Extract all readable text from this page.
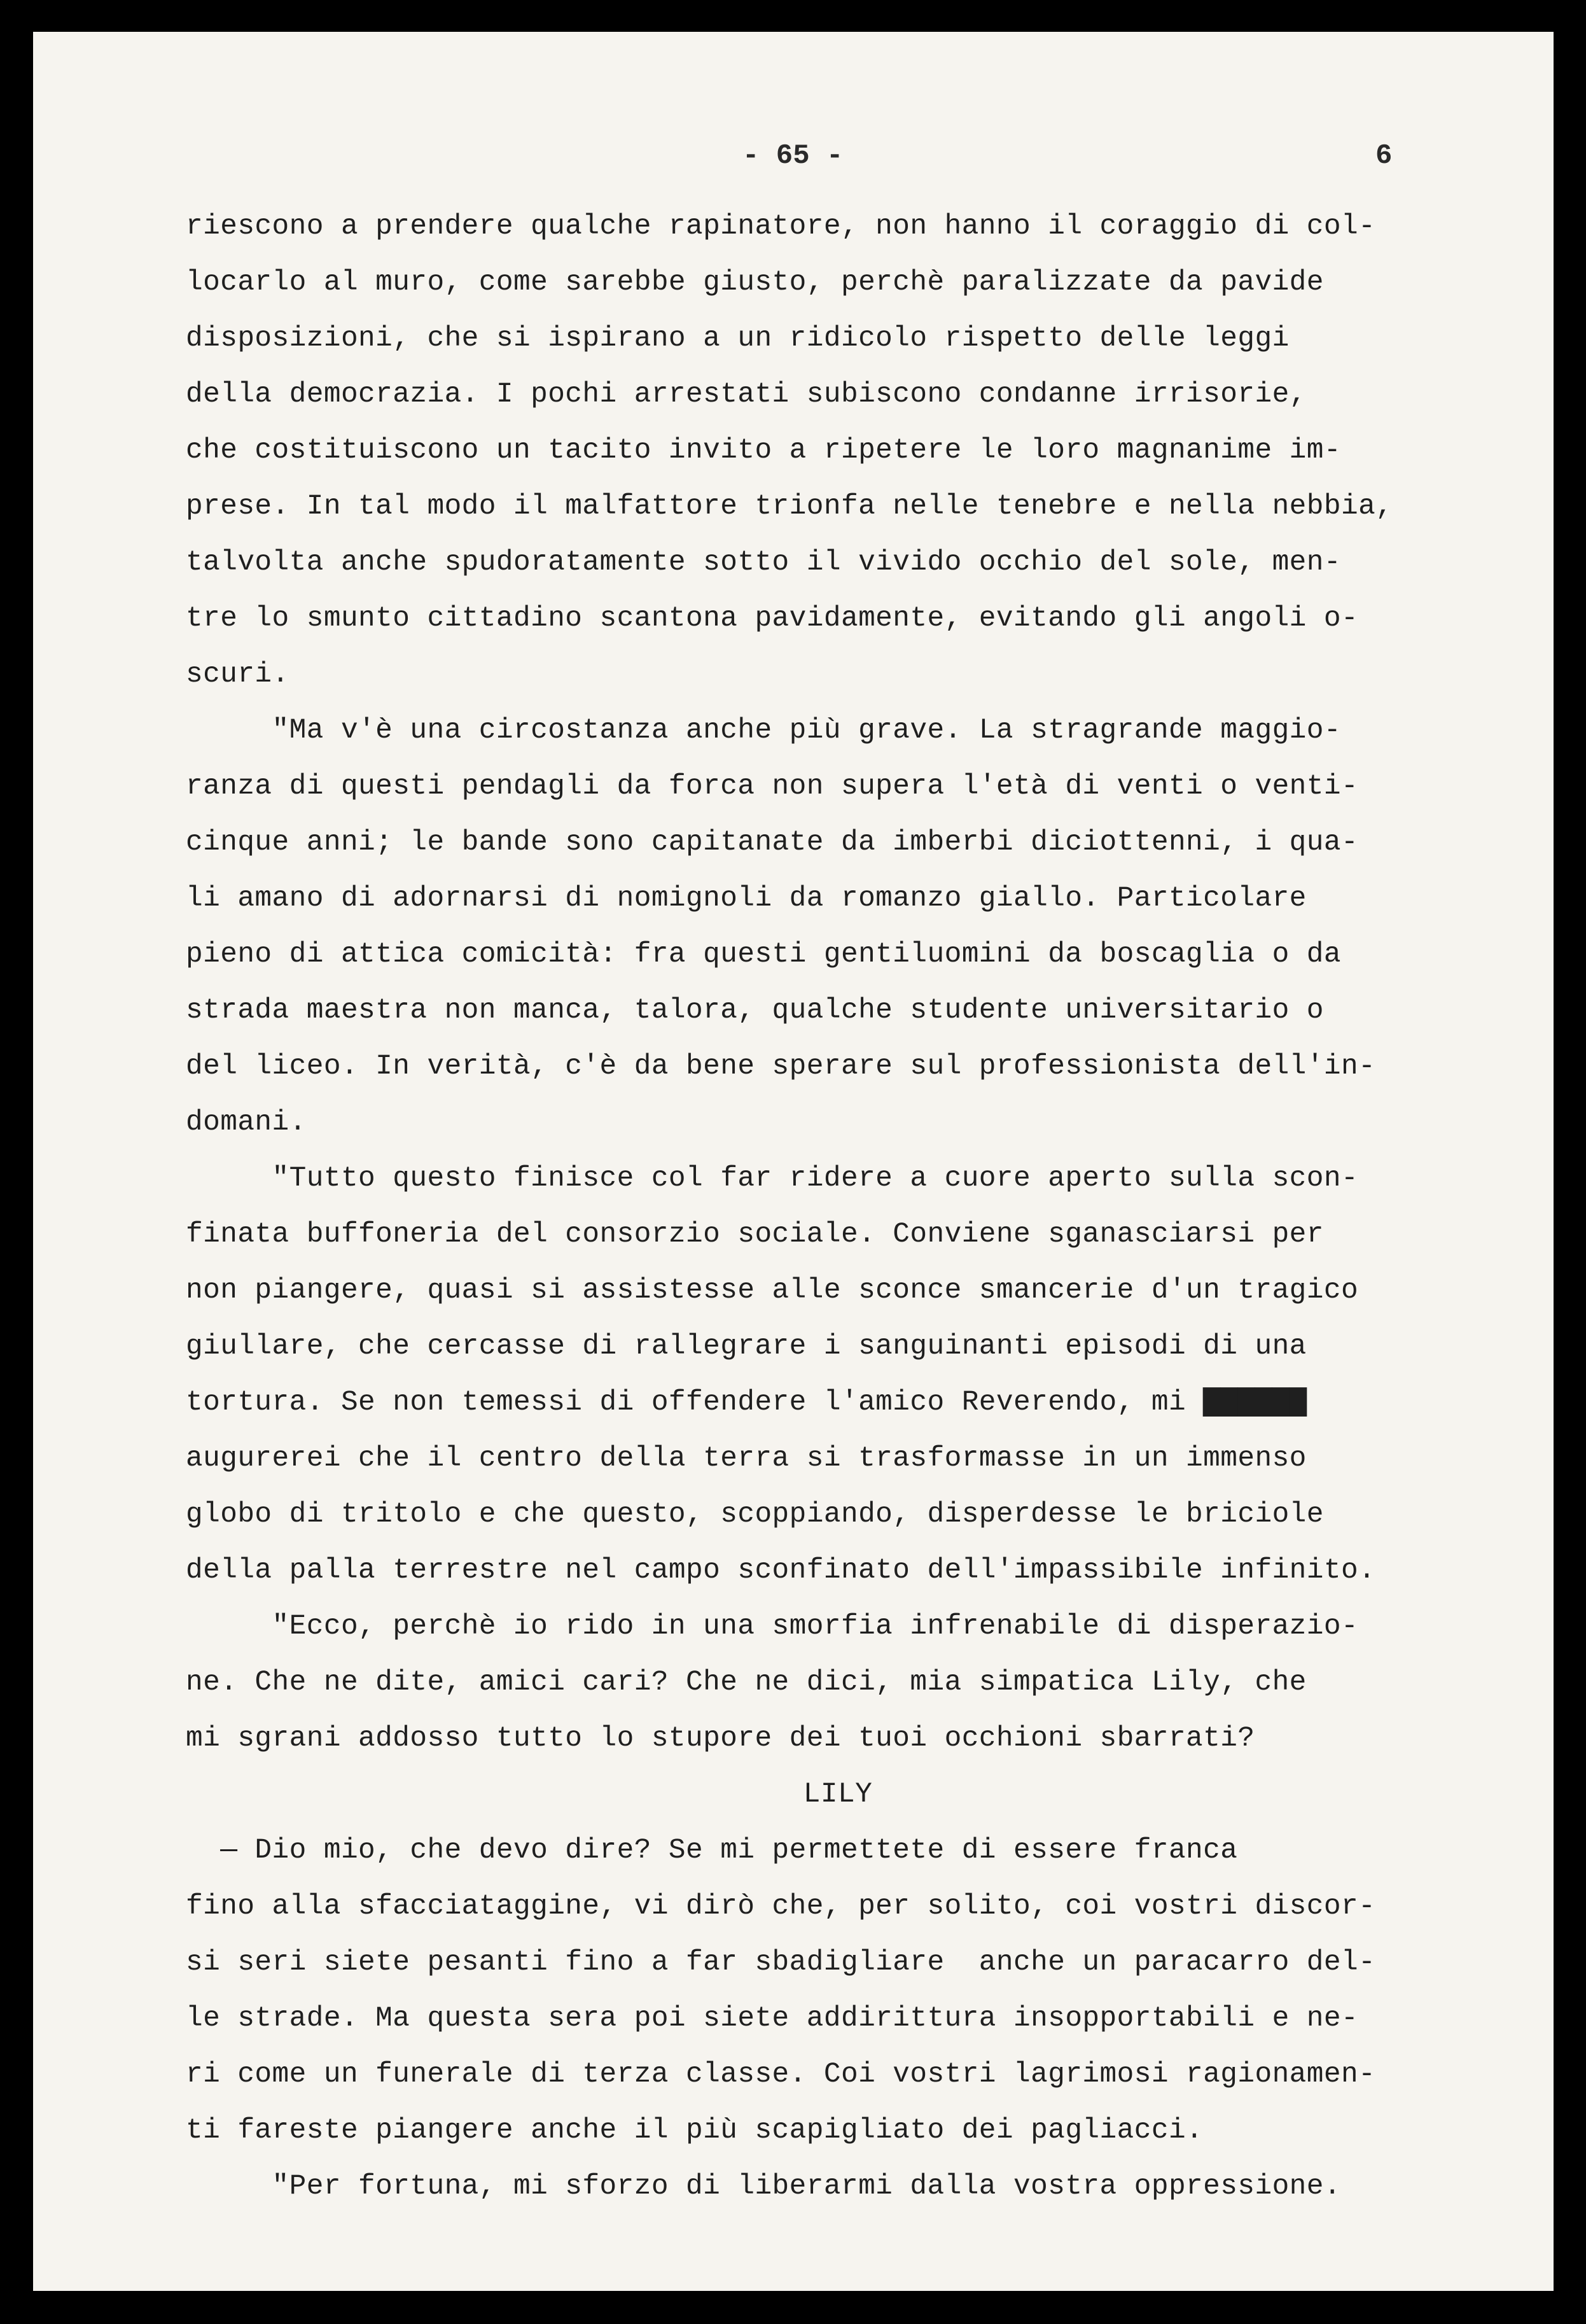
- 65 -	6
riescono a prendere qualche rapinatore, non hanno il coraggio di col-
locarlo al muro, come sarebbe giusto, perchè paralizzate da pavide
disposizioni, che si ispirano a un ridicolo rispetto delle leggi
della democrazia. I pochi arrestati subiscono condanne irrisorie,
che costituiscono un tacito invito a ripetere le loro magnanime im-
prese. In tal modo il malfattore trionfa nelle tenebre e nella nebbia,
talvolta anche spudoratamente sotto il vivido occhio del sole, men-
tre lo smunto cittadino scantona pavidamente, evitando gli angoli o-
scuri.
"Ma v'è una circostanza anche più grave. La stragrande maggio-
ranza di questi pendagli da forca non supera l'età di venti o venti-
cinque anni; le bande sono capitanate da imberbi diciottenni, i qua-
li amano di adornarsi di nomignoli da romanzo giallo. Particolare
pieno di attica comicità: fra questi gentiluomini da boscaglia o da
strada maestra non manca, talora, qualche studente universitario o
del liceo. In verità, c'è da bene sperare sul professionista dell'in-
domani.
"Tutto questo finisce col far ridere a cuore aperto sulla scon-
finata buffoneria del consorzio sociale. Conviene sganasciarsi per
non piangere, quasi si assistesse alle sconce smancerie d'un tragico
giullare, che cercasse di rallegrare i sanguinanti episodi di una
tortura. Se non temessi di offendere l'amico Reverendo, mi ▇▇▇▇▇▇
augurerei che il centro della terra si trasformasse in un immenso
globo di tritolo e che questo, scoppiando, disperdesse le briciole
della palla terrestre nel campo sconfinato dell'impassibile infinito.
"Ecco, perchè io rido in una smorfia infrenabile di disperazio-
ne. Che ne dite, amici cari? Che ne dici, mia simpatica Lily, che
mi sgrani addosso tutto lo stupore dei tuoi occhioni sbarrati?
LILY
— Dio mio, che devo dire? Se mi permettete di essere franca
fino alla sfacciataggine, vi dirò che, per solito, coi vostri discor-
si seri siete pesanti fino a far sbadigliare  anche un paracarro del-
le strade. Ma questa sera poi siete addirittura insopportabili e ne-
ri come un funerale di terza classe. Coi vostri lagrimosi ragionamen-
ti fareste piangere anche il più scapigliato dei pagliacci.
"Per fortuna, mi sforzo di liberarmi dalla vostra oppressione.
